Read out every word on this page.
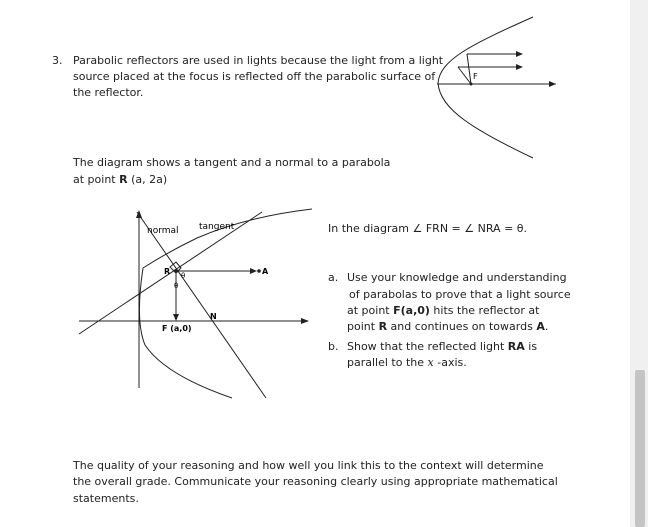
3. Parabolic reflectors are used in lights because the light from a light
source placed at the focus is reflected off the parabolic surface of
the reflector.
F
The diagram shows a tangent and a normal to a parabola
at point R (a, 2a)
normal tangent
R	A
N
F (a,0)
θ
θ
In the diagram ∠ FRN = ∠ NRA = θ.
a. Use your knowledge and understanding
of parabolas to prove that a light source
at point F(a,0) hits the reflector at
point R and continues on towards A.
b. Show that the reflected light RA is
parallel to the x -axis.
The quality of your reasoning and how well you link this to the context will determine
the overall grade. Communicate your reasoning clearly using appropriate mathematical
statements.
